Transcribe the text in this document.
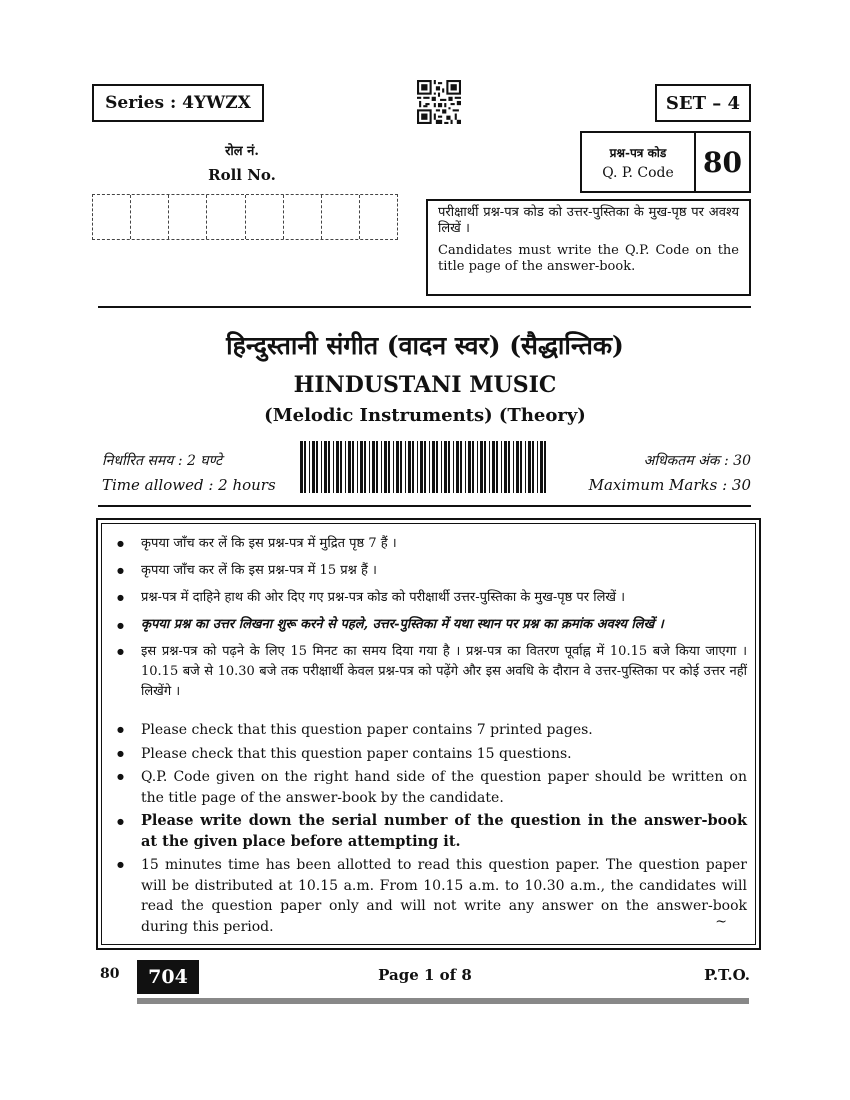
Series : 4YWZX	SET – 4
रोल नं.
Roll No.
प्रश्न-पत्र कोड
Q. P. Code 80

परीक्षार्थी प्रश्न-पत्र कोड को उत्तर-पुस्तिका के मुख-पृष्ठ पर अवश्य लिखें ।

Candidates must write the Q.P. Code on the title page of the answer-book.

हिन्दुस्तानी संगीत (वादन स्वर) (सैद्धान्तिक)
HINDUSTANI MUSIC
(Melodic Instruments) (Theory)
निर्धारित समय : 2 घण्टे
Time allowed : 2 hours
अधिकतम अंक : 30
Maximum Marks : 30
● कृपया जाँच कर लें कि इस प्रश्न-पत्र में मुद्रित पृष्ठ 7 हैं ।
● कृपया जाँच कर लें कि इस प्रश्न-पत्र में 15 प्रश्न हैं ।
● प्रश्न-पत्र में दाहिने हाथ की ओर दिए गए प्रश्न-पत्र कोड को परीक्षार्थी उत्तर-पुस्तिका के मुख-पृष्ठ पर लिखें ।
● कृपया प्रश्न का उत्तर लिखना शुरू करने से पहले, उत्तर-पुस्तिका में यथा स्थान पर प्रश्न का क्रमांक अवश्य लिखें ।
● इस प्रश्न-पत्र को पढ़ने के लिए 15 मिनट का समय दिया गया है । प्रश्न-पत्र का वितरण पूर्वाह्न में 10.15 बजे किया जाएगा । 10.15 बजे से 10.30 बजे तक परीक्षार्थी केवल प्रश्न-पत्र को पढ़ेंगे और इस अवधि के दौरान वे उत्तर-पुस्तिका पर कोई उत्तर नहीं लिखेंगे ।
● Please check that this question paper contains 7 printed pages.
● Please check that this question paper contains 15 questions.
● Q.P. Code given on the right hand side of the question paper should be written on the title page of the answer-book by the candidate.
● Please write down the serial number of the question in the answer-book at the given place before attempting it.
● 15 minutes time has been allotted to read this question paper. The question paper will be distributed at 10.15 a.m. From 10.15 a.m. to 10.30 a.m., the candidates will read the question paper only and will not write any answer on the answer-book during this period.	~
80	704	Page 1 of 8	P.T.O.
